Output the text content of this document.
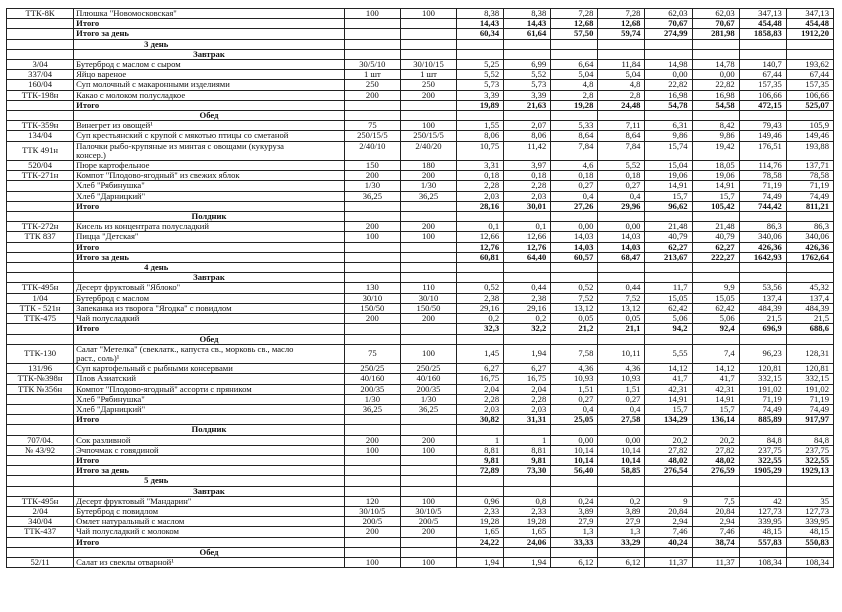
ТТК-8К	Плюшка "Новомосковская"	100	100	8,38	8,38	7,28	7,28	62,03	62,03	347,13	347,13
	Итого			14,43	14,43	12,68	12,68	70,67	70,67	454,48	454,48
	Итого за день			60,34	61,64	57,50	59,74	274,99	281,98	1858,83	1912,20
	3 день										
	Завтрак										
3/04	Бутерброд с маслом с сыром	30/5/10	30/10/15	5,25	6,99	6,64	11,84	14,98	14,78	140,7	193,62
337/04	Яйцо вареное	1 шт	1 шт	5,52	5,52	5,04	5,04	0,00	0,00	67,44	67,44
160/04	Суп молочный с макаронными изделиями	250	250	5,73	5,73	4,8	4,8	22,82	22,82	157,35	157,35
ТТК-198н	Какао с молоком полусладкое	200	200	3,39	3,39	2,8	2,8	16,98	16,98	106,66	106,66
	Итого			19,89	21,63	19,28	24,48	54,78	54,58	472,15	525,07
	Обед										
ТТК-359н	Винегрет из овощей¹	75	100	1,55	2,07	5,33	7,11	6,31	8,42	79,43	105,9
134/04	Суп крестьянский с крупой с мякотью птицы со сметаной	250/15/5	250/15/5	8,06	8,06	8,64	8,64	9,86	9,86	149,46	149,46
ТТК 491н	Палочки рыбо-крупяные из минтая с овощами (кукуруза
консер.)	2/40/10	2/40/20	10,75	11,42	7,84	7,84	15,74	19,42	176,51	193,88
520/04	Пюре картофельное	150	180	3,31	3,97	4,6	5,52	15,04	18,05	114,76	137,71
ТТК-271н	Компот "Плодово-ягодный" из свежих яблок	200	200	0,18	0,18	0,18	0,18	19,06	19,06	78,58	78,58
	Хлеб "Рябинушка"	1/30	1/30	2,28	2,28	0,27	0,27	14,91	14,91	71,19	71,19
	Хлеб "Дарницкий"	36,25	36,25	2,03	2,03	0,4	0,4	15,7	15,7	74,49	74,49
	Итого			28,16	30,01	27,26	29,96	96,62	105,42	744,42	811,21
	Полдник										
ТТК-272н	Кисель из концентрата полусладкий	200	200	0,1	0,1	0,00	0,00	21,48	21,48	86,3	86,3
ТТК 837	Пицца "Детская"	100	100	12,66	12,66	14,03	14,03	40,79	40,79	340,06	340,06
	Итого			12,76	12,76	14,03	14,03	62,27	62,27	426,36	426,36
	Итого за день			60,81	64,40	60,57	68,47	213,67	222,27	1642,93	1762,64
	4 день										
	Завтрак										
ТТК-495н	Десерт фруктовый "Яблоко"	130	110	0,52	0,44	0,52	0,44	11,7	9,9	53,56	45,32
1/04	Бутерброд с маслом	30/10	30/10	2,38	2,38	7,52	7,52	15,05	15,05	137,4	137,4
ТТК - 521н	Запеканка из творога "Ягодка" с повидлом	150/50	150/50	29,16	29,16	13,12	13,12	62,42	62,42	484,39	484,39
ТТК-475	Чай полусладкий	200	200	0,2	0,2	0,05	0,05	5,06	5,06	21,5	21,5
	Итого			32,3	32,2	21,2	21,1	94,2	92,4	696,9	688,6
	Обед										
ТТК-130	Салат "Метелка" (свеклатк., капуста св., морковь св., масло
раст., соль)¹	75	100	1,45	1,94	7,58	10,11	5,55	7,4	96,23	128,31
131/96	Суп картофельный с рыбными консервами	250/25	250/25	6,27	6,27	4,36	4,36	14,12	14,12	120,81	120,81
ТТК-№398н	Плов Азиатский	40/160	40/160	16,75	16,75	10,93	10,93	41,7	41,7	332,15	332,15
ТТК №356н	Компот "Плодово-ягодный" ассорти с пряником	200/35	200/35	2,04	2,04	1,51	1,51	42,31	42,31	191,02	191,02
	Хлеб "Рябинушка"	1/30	1/30	2,28	2,28	0,27	0,27	14,91	14,91	71,19	71,19
	Хлеб "Дарницкий"	36,25	36,25	2,03	2,03	0,4	0,4	15,7	15,7	74,49	74,49
	Итого			30,82	31,31	25,05	27,58	134,29	136,14	885,89	917,97
	Полдник										
707/04.	Сок разливной	200	200	1	1	0,00	0,00	20,2	20,2	84,8	84,8
№ 43/92	Эчпочмак с говядиной	100	100	8,81	8,81	10,14	10,14	27,82	27,82	237,75	237,75
	Итого			9,81	9,81	10,14	10,14	48,02	48,02	322,55	322,55
	Итого за день			72,89	73,30	56,40	58,85	276,54	276,59	1905,29	1929,13
	5 день										
	Завтрак										
ТТК-495н	Десерт фруктовый "Мандарин"	120	100	0,96	0,8	0,24	0,2	9	7,5	42	35
2/04	Бутерброд с повидлом	30/10/5	30/10/5	2,33	2,33	3,89	3,89	20,84	20,84	127,73	127,73
340/04	Омлет натуральный с маслом	200/5	200/5	19,28	19,28	27,9	27,9	2,94	2,94	339,95	339,95
ТТК-437	Чай полусладкий с молоком	200	200	1,65	1,65	1,3	1,3	7,46	7,46	48,15	48,15
	Итого			24,22	24,06	33,33	33,29	40,24	38,74	557,83	550,83
	Обед										
52/11	Салат из свеклы отварной¹	100	100	1,94	1,94	6,12	6,12	11,37	11,37	108,34	108,34
